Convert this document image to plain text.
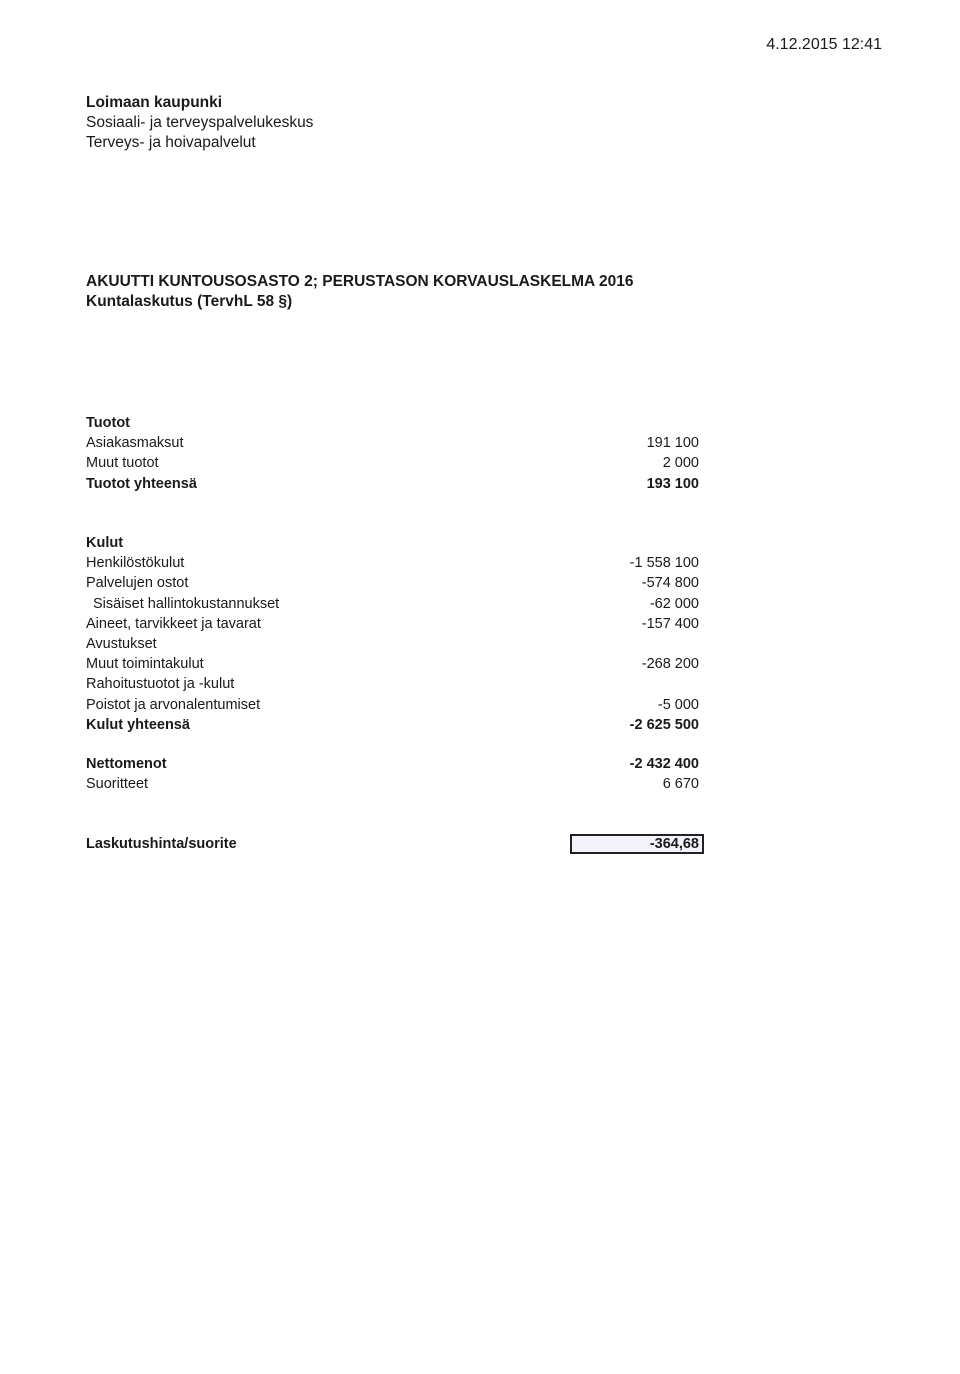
4.12.2015 12:41
Loimaan kaupunki
Sosiaali- ja terveyspalvelukeskus
Terveys- ja hoivapalvelut
AKUUTTI KUNTOUSOSASTO 2; PERUSTASON KORVAUSLASKELMA 2016
Kuntalaskutus (TervhL 58 §)
Tuotot
Asiakasmaksut	191 100
Muut tuotot	2 000
Tuotot yhteensä	193 100
Kulut
Henkilöstökulut	-1 558 100
Palvelujen ostot	-574 800
Sisäiset hallintokustannukset	-62 000
Aineet, tarvikkeet ja tavarat	-157 400
Avustukset
Muut toimintakulut	-268 200
Rahoitustuotot ja -kulut
Poistot ja arvonalentumiset	-5 000
Kulut yhteensä	-2 625 500
Nettomenot	-2 432 400
Suoritteet	6 670
Laskutushinta/suorite	-364,68
